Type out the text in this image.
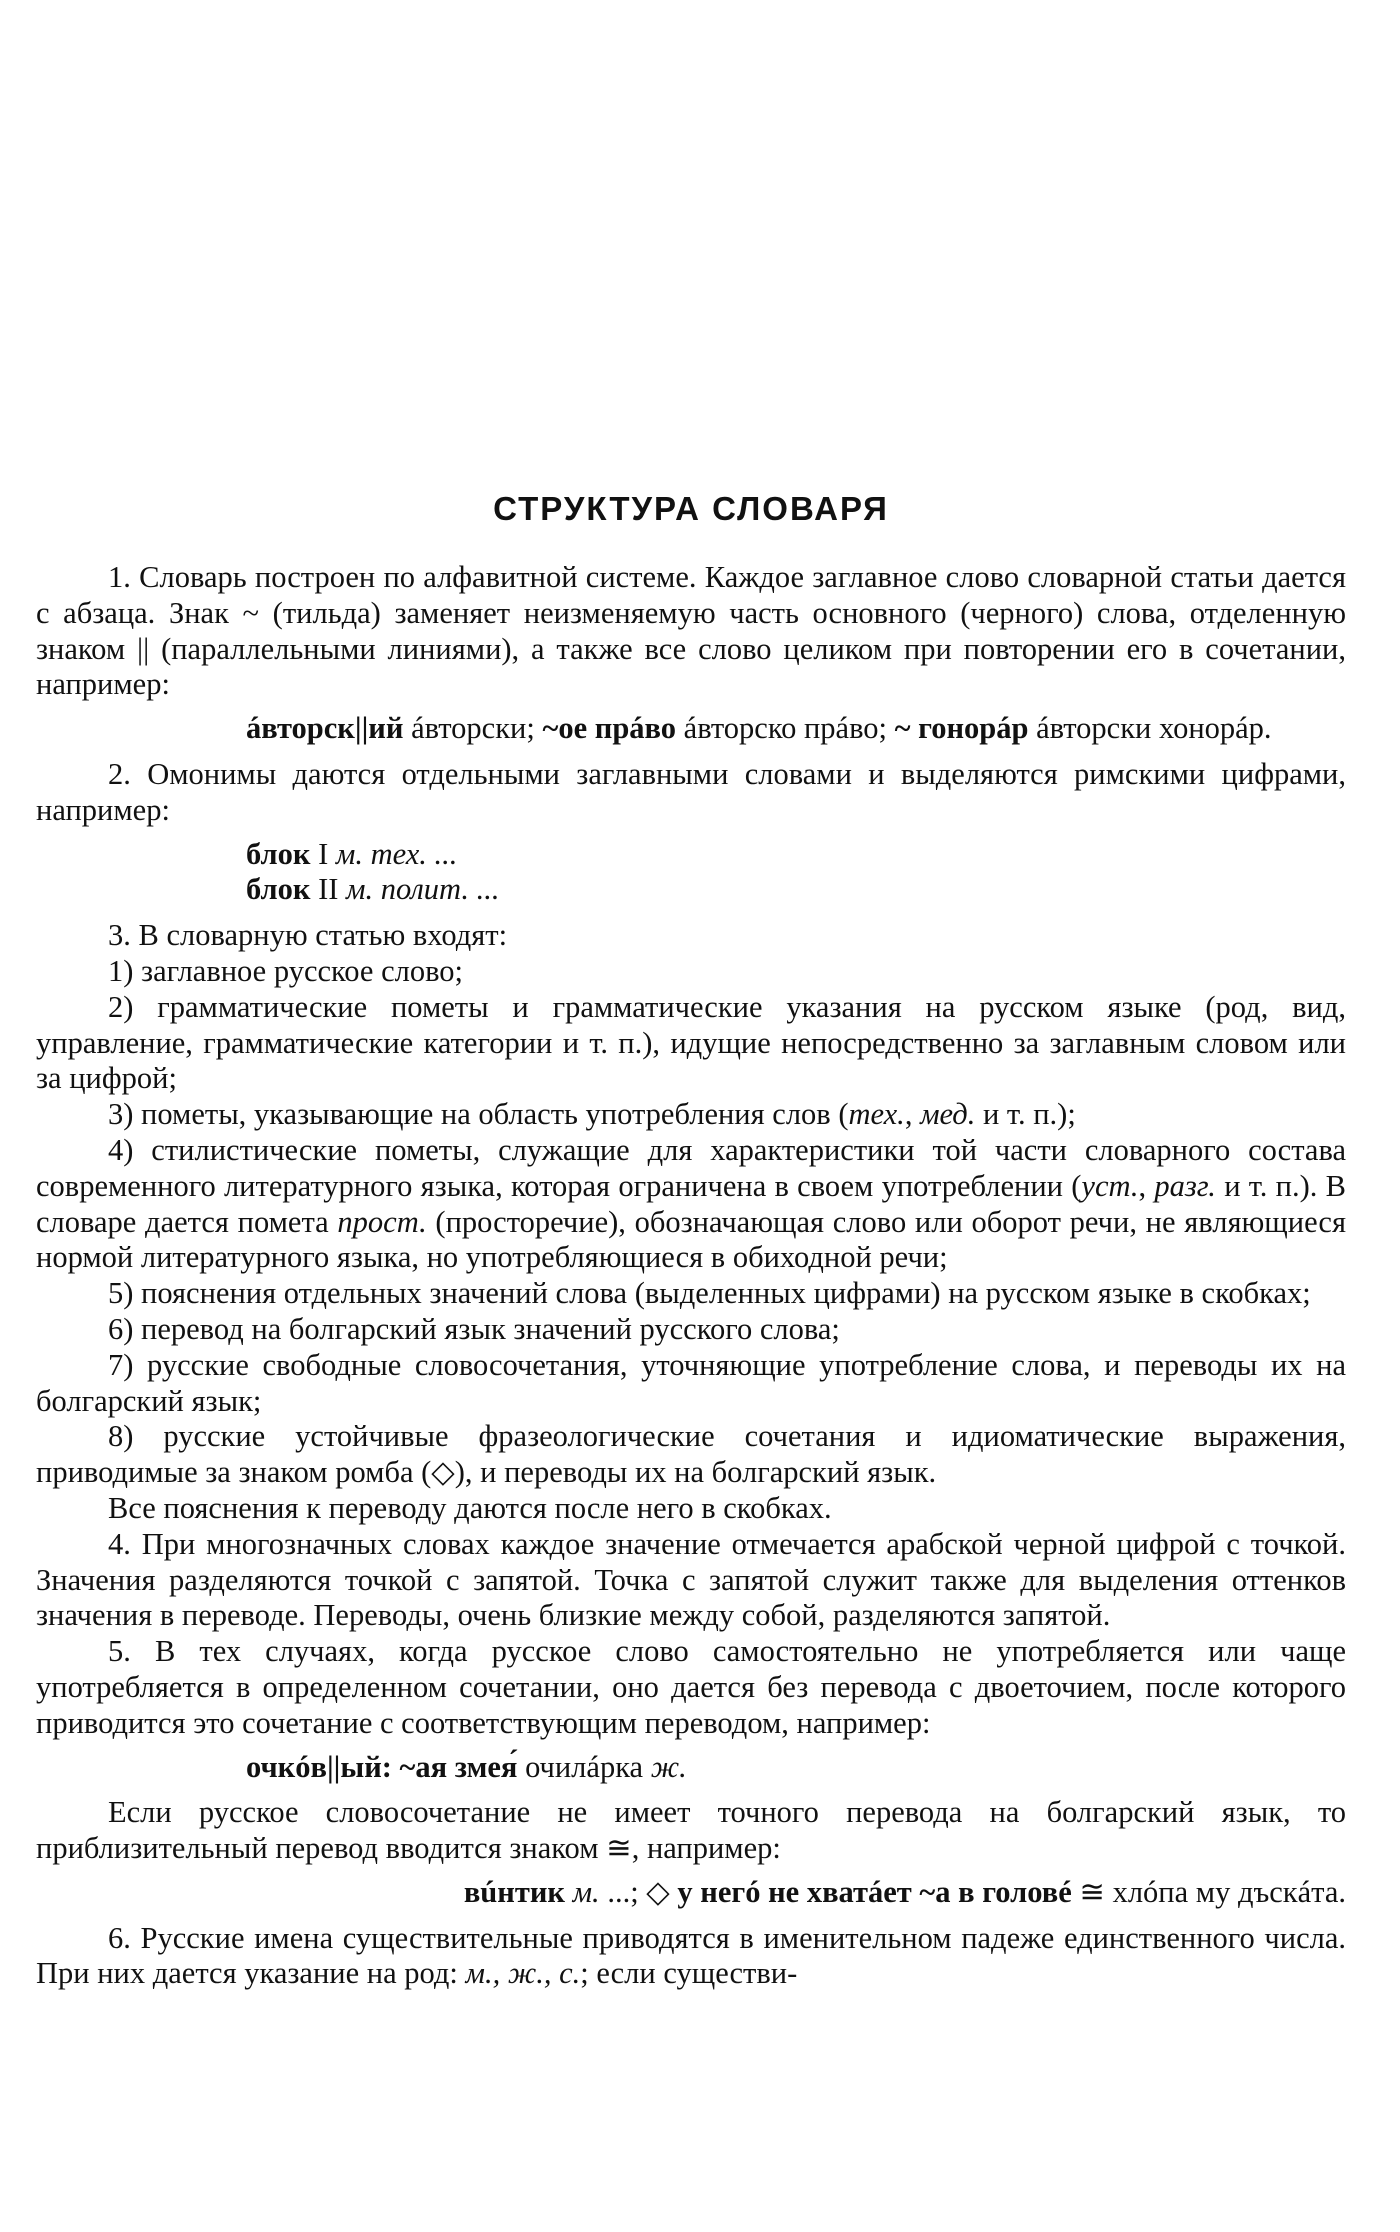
СТРУКТУРА СЛОВАРЯ

1. Словарь построен по алфавитной системе. Каждое заглавное слово словарной статьи дается с абзаца. Знак ~ (тильда) заменяет неизменяемую часть основного (черного) слова, отделенную знаком || (параллельными линиями), а также все слово целиком при повторении его в сочетании, например:

áвторск||ий áвторски; ~ое прáво áвторско прáво; ~ гонорáр áвторски хонорáр.

2. Омонимы даются отдельными заглавными словами и выделяются римскими цифрами, например:

блок I м. тех. ...
блок II м. полит. ...

3. В словарную статью входят:

1) заглавное русское слово;

2) грамматические пометы и грамматические указания на русском языке (род, вид, управление, грамматические категории и т. п.), идущие непосредственно за заглавным словом или за цифрой;

3) пометы, указывающие на область употребления слов (тех., мед. и т. п.);

4) стилистические пометы, служащие для характеристики той части словарного состава современного литературного языка, которая ограничена в своем употреблении (уст., разг. и т. п.). В словаре дается помета прост. (просторечие), обозначающая слово или оборот речи, не являющиеся нормой литературного языка, но употребляющиеся в обиходной речи;

5) пояснения отдельных значений слова (выделенных цифрами) на русском языке в скобках;

6) перевод на болгарский язык значений русского слова;

7) русские свободные словосочетания, уточняющие употребление слова, и переводы их на болгарский язык;

8) русские устойчивые фразеологические сочетания и идиоматические выражения, приводимые за знаком ромба (◇), и переводы их на болгарский язык.

Все пояснения к переводу даются после него в скобках.

4. При многозначных словах каждое значение отмечается арабской черной цифрой с точкой. Значения разделяются точкой с запятой. Точка с запятой служит также для выделения оттенков значения в переводе. Переводы, очень близкие между собой, разделяются запятой.

5. В тех случаях, когда русское слово самостоятельно не употребляется или чаще употребляется в определенном сочетании, оно дается без перевода с двоеточием, после которого приводится это сочетание с соответствующим переводом, например:

очкóв||ый: ~ая змея́ очилáрка ж.

Если русское словосочетание не имеет точного перевода на болгарский язык, то приблизительный перевод вводится знаком ≅, например:

вúнтик м. ...; ◇ у негó не хватáет ~а в головé ≅ хлóпа му дъскáта.

6. Русские имена существительные приводятся в именительном падеже единственного числа. При них дается указание на род: м., ж., с.; если существи-
